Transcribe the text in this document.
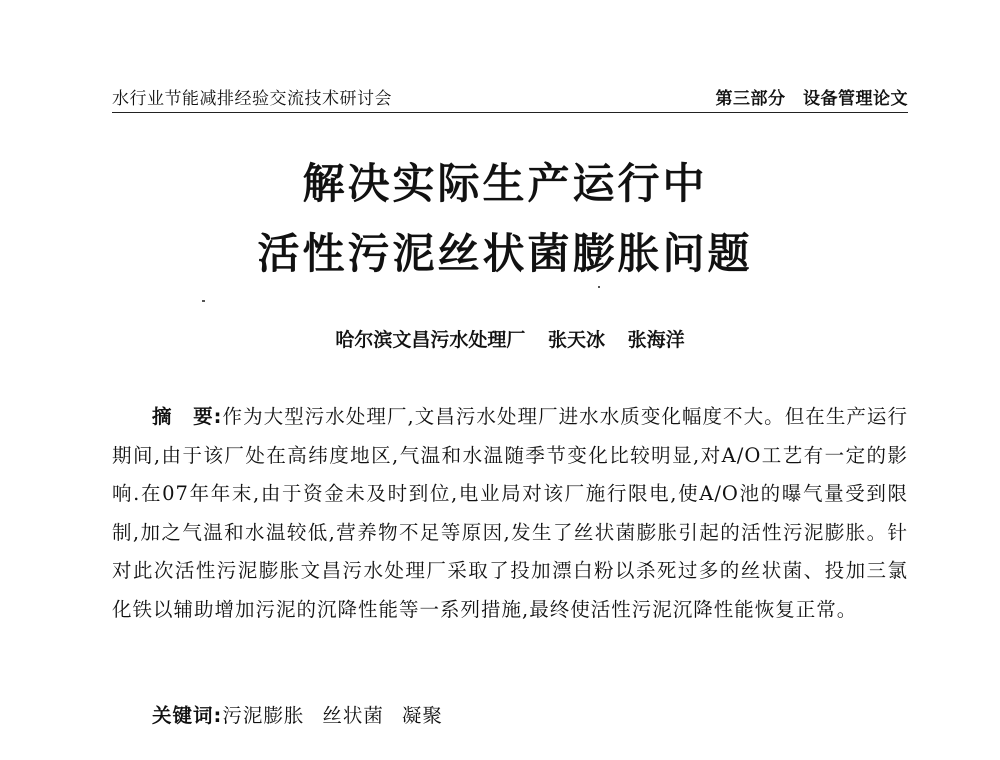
水行业节能减排经验交流技术研讨会	第三部分　设备管理论文
解决实际生产运行中
活性污泥丝状菌膨胀问题
哈尔滨文昌污水处理厂 张天冰 张海洋
摘　要:作为大型污水处理厂,文昌污水处理厂进水水质变化幅度不大。但在生产运行期间,由于该厂处在高纬度地区,气温和水温随季节变化比较明显,对A/O工艺有一定的影响.在07年年末,由于资金未及时到位,电业局对该厂施行限电,使A/O池的曝气量受到限制,加之气温和水温较低,营养物不足等原因,发生了丝状菌膨胀引起的活性污泥膨胀。针对此次活性污泥膨胀文昌污水处理厂采取了投加漂白粉以杀死过多的丝状菌、投加三氯化铁以辅助增加污泥的沉降性能等一系列措施,最终使活性污泥沉降性能恢复正常。
关键词:污泥膨胀 丝状菌 凝聚
